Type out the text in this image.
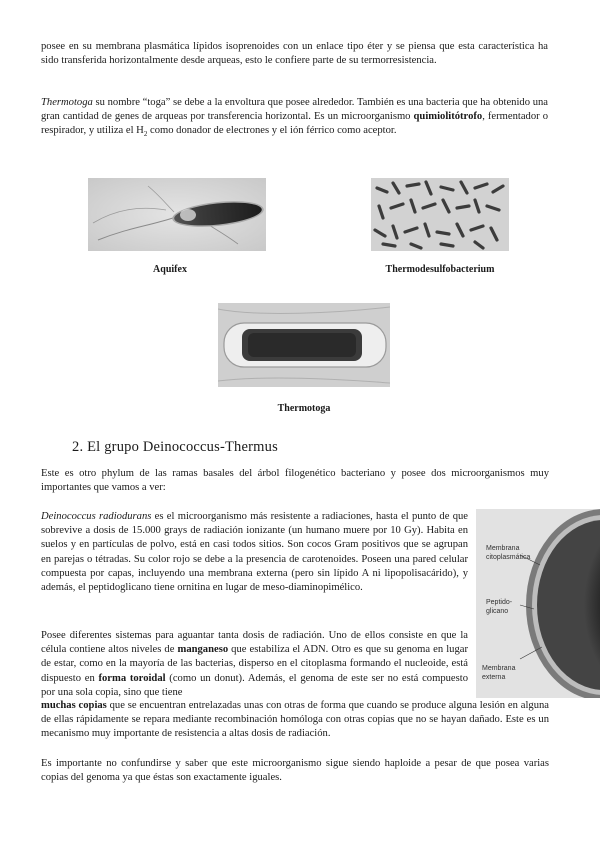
posee en su membrana plasmática lípidos isoprenoides con un enlace tipo éter y se piensa que esta característica ha sido transferida horizontalmente desde arqueas, esto le confiere parte de su termorresistencia.

Thermotoga su nombre “toga” se debe a la envoltura que posee alrededor. También es una bacteria que ha obtenido una gran cantidad de genes de arqueas por transferencia horizontal. Es un microorganismo quimiolitótrofo, fermentador o respirador, y utiliza el $H_2$ como donador de electrones y el ión férrico como aceptor.

Aquifex	Thermodesulfobacterium
Thermotoga
2. El grupo Deinococcus-Thermus

Este es otro phylum de las ramas basales del árbol filogenético bacteriano y posee dos microorganismos muy importantes que vamos a ver:

Deinococcus radiodurans es el microorganismo más resistente a radiaciones, hasta el punto de que sobrevive a dosis de 15.000 grays de radiación ionizante (un humano muere por 10 Gy). Habita en suelos y en partículas de polvo, está en casi todos sitios. Son cocos Gram positivos que se agrupan en parejas o tétradas. Su color rojo se debe a la presencia de carotenoides. Poseen una pared celular compuesta por capas, incluyendo una membrana externa (pero sin lípido A ni lipopolisacárido), y además, el peptidoglicano tiene ornitina en lugar de meso-diaminopimélico.

Posee diferentes sistemas para aguantar tanta dosis de radiación. Uno de ellos consiste en que la célula contiene altos niveles de manganeso que estabiliza el ADN. Otro es que su genoma en lugar de estar, como en la mayoría de las bacterias, disperso en el citoplasma formando el nucleoide, está dispuesto en forma toroidal (como un donut). Además, el genoma de este ser no está compuesto por una sola copia, sino que tiene

muchas copias que se encuentran entrelazadas unas con otras de forma que cuando se produce alguna lesión en alguna de ellas rápidamente se repara mediante recombinación homóloga con otras copias que no se hayan dañado. Este es un mecanismo muy importante de resistencia a altas dosis de radiación.

Es importante no confundirse y saber que este microorganismo sigue siendo haploide a pesar de que posea varias copias del genoma ya que éstas son exactamente iguales.

Membrana
citoplasmática
Peptido-
glicano
Membrana
externa
